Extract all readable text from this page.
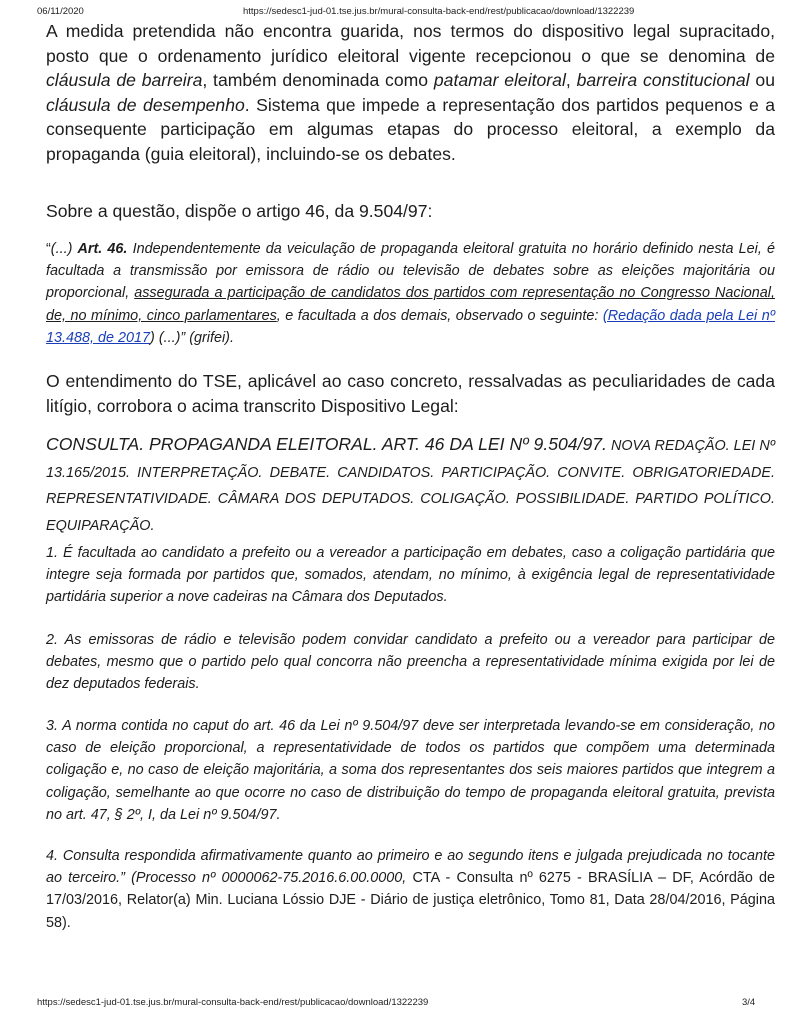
06/11/2020	https://sedesc1-jud-01.tse.jus.br/mural-consulta-back-end/rest/publicacao/download/1322239

A medida pretendida não encontra guarida, nos termos do dispositivo legal supracitado, posto que o ordenamento jurídico eleitoral vigente recepcionou o que se denomina de cláusula de barreira, também denominada como patamar eleitoral, barreira constitucional ou cláusula de desempenho. Sistema que impede a representação dos partidos pequenos e a consequente participação em algumas etapas do processo eleitoral, a exemplo da propaganda (guia eleitoral), incluindo-se os debates.

Sobre a questão, dispõe o artigo 46, da 9.504/97:

“(...) Art. 46. Independentemente da veiculação de propaganda eleitoral gratuita no horário definido nesta Lei, é facultada a transmissão por emissora de rádio ou televisão de debates sobre as eleições majoritária ou proporcional, assegurada a participação de candidatos dos partidos com representação no Congresso Nacional, de, no mínimo, cinco parlamentares, e facultada a dos demais, observado o seguinte: (Redação dada pela Lei nº 13.488, de 2017) (...)” (grifei).

O entendimento do TSE, aplicável ao caso concreto, ressalvadas as peculiaridades de cada litígio, corrobora o acima transcrito Dispositivo Legal:

CONSULTA. PROPAGANDA ELEITORAL. ART. 46 DA LEI Nº 9.504/97. NOVA REDAÇÃO. LEI Nº 13.165/2015. INTERPRETAÇÃO. DEBATE. CANDIDATOS. PARTICIPAÇÃO. CONVITE. OBRIGATORIEDADE. REPRESENTATIVIDADE. CÂMARA DOS DEPUTADOS. COLIGAÇÃO. POSSIBILIDADE. PARTIDO POLÍTICO. EQUIPARAÇÃO.

1. É facultada ao candidato a prefeito ou a vereador a participação em debates, caso a coligação partidária que integre seja formada por partidos que, somados, atendam, no mínimo, à exigência legal de representatividade partidária superior a nove cadeiras na Câmara dos Deputados.

2. As emissoras de rádio e televisão podem convidar candidato a prefeito ou a vereador para participar de debates, mesmo que o partido pelo qual concorra não preencha a representatividade mínima exigida por lei de dez deputados federais.

3. A norma contida no caput do art. 46 da Lei nº 9.504/97 deve ser interpretada levando-se em consideração, no caso de eleição proporcional, a representatividade de todos os partidos que compõem uma determinada coligação e, no caso de eleição majoritária, a soma dos representantes dos seis maiores partidos que integrem a coligação, semelhante ao que ocorre no caso de distribuição do tempo de propaganda eleitoral gratuita, prevista no art. 47, § 2º, I, da Lei nº 9.504/97.

4. Consulta respondida afirmativamente quanto ao primeiro e ao segundo itens e julgada prejudicada no tocante ao terceiro.” (Processo nº 0000062-75.2016.6.00.0000, CTA - Consulta nº 6275 - BRASÍLIA – DF, Acórdão de 17/03/2016, Relator(a) Min. Luciana Lóssio DJE - Diário de justiça eletrônico, Tomo 81, Data 28/04/2016, Página 58).

https://sedesc1-jud-01.tse.jus.br/mural-consulta-back-end/rest/publicacao/download/1322239	3/4
